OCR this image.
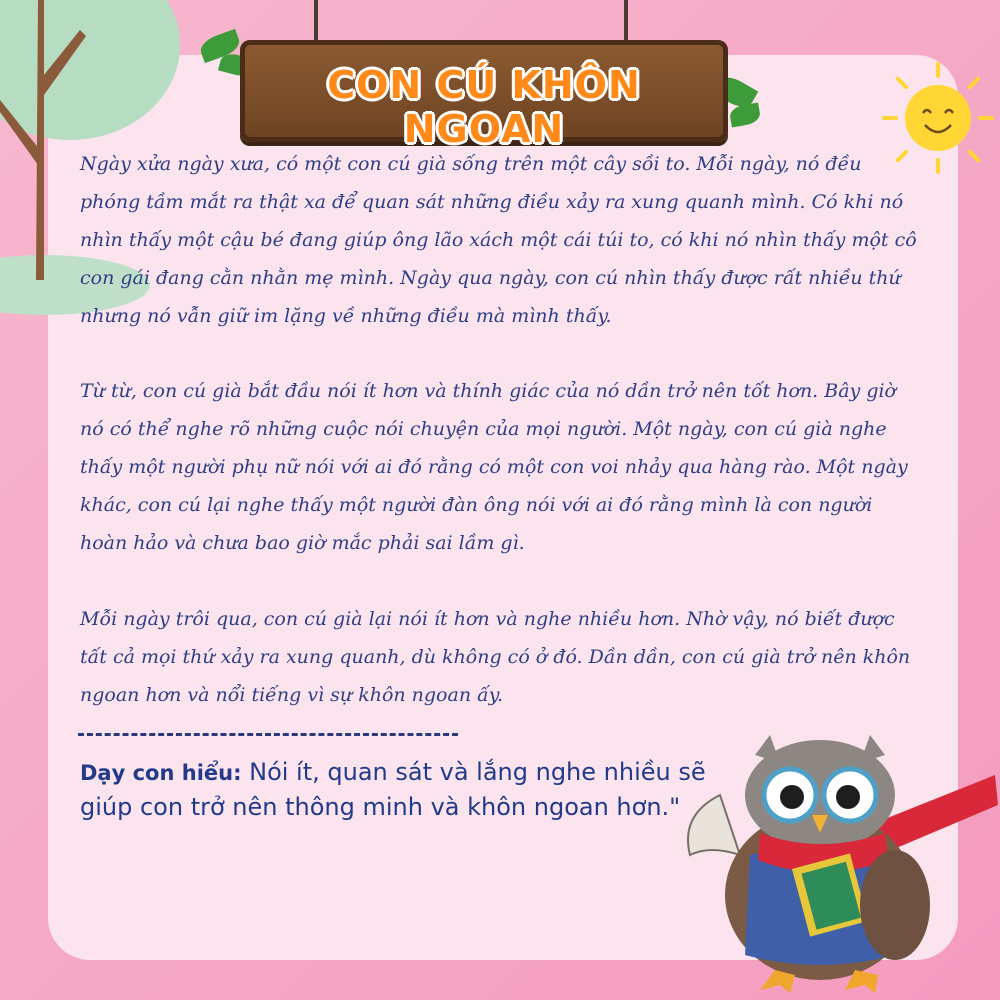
CON CÚ KHÔN NGOAN

Ngày xửa ngày xưa, có một con cú già sống trên một cây sồi to. Mỗi ngày, nó đều phóng tầm mắt ra thật xa để quan sát những điều xảy ra xung quanh mình. Có khi nó nhìn thấy một cậu bé đang giúp ông lão xách một cái túi to, có khi nó nhìn thấy một cô con gái đang cằn nhằn mẹ mình. Ngày qua ngày, con cú nhìn thấy được rất nhiều thứ nhưng nó vẫn giữ im lặng về những điều mà mình thấy.

Từ từ, con cú già bắt đầu nói ít hơn và thính giác của nó dần trở nên tốt hơn. Bây giờ nó có thể nghe rõ những cuộc nói chuyện của mọi người. Một ngày, con cú già nghe thấy một người phụ nữ nói với ai đó rằng có một con voi nhảy qua hàng rào. Một ngày khác, con cú lại nghe thấy một người đàn ông nói với ai đó rằng mình là con người hoàn hảo và chưa bao giờ mắc phải sai lầm gì.

Mỗi ngày trôi qua, con cú già lại nói ít hơn và nghe nhiều hơn. Nhờ vậy, nó biết được tất cả mọi thứ xảy ra xung quanh, dù không có ở đó. Dần dần, con cú già trở nên khôn ngoan hơn và nổi tiếng vì sự khôn ngoan ấy.

Dạy con hiểu: Nói ít, quan sát và lắng nghe nhiều sẽ giúp con trở nên thông minh và khôn ngoan hơn."
